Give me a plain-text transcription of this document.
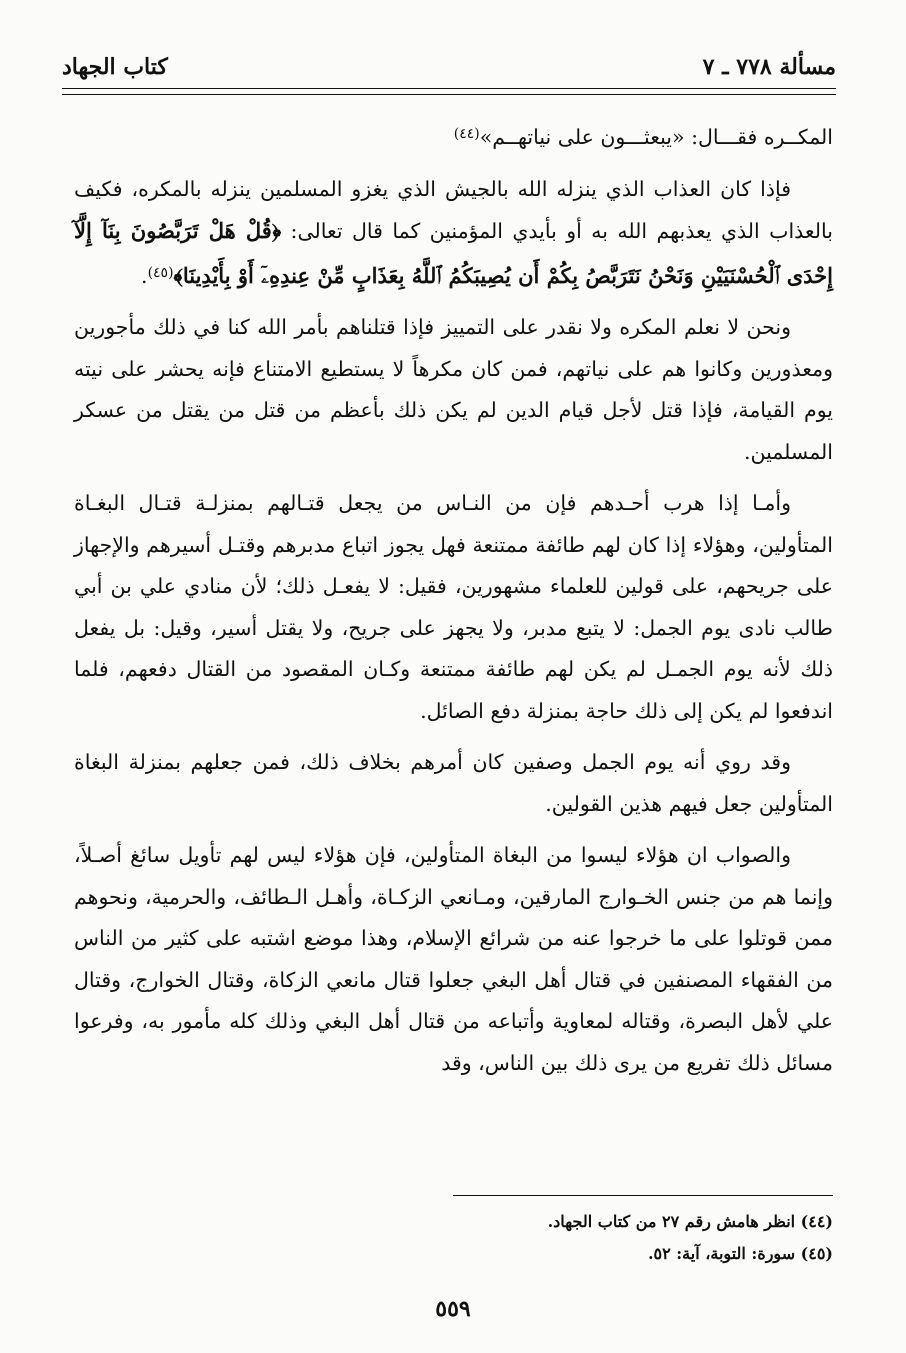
مسألة ٧٧٨ ـ ٧
كتاب الجهاد

المكــره فقـــال: «يبعثـــون على نياتهــم»$^{(٤٤)}$

فإذا كان العذاب الذي ينزله الله بالجيش الذي يغزو المسلمين ينزله بالمكره، فكيف بالعذاب الذي يعذبهم الله به أو بأيدي المؤمنين كما قال تعالى: ﴿قُلْ هَلْ تَرَبَّصُونَ بِنَآ إِلَّآ إِحْدَى ٱلْحُسْنَيَيْنِ وَنَحْنُ نَتَرَبَّصُ بِكُمْ أَن يُصِيبَكُمُ ٱللَّهُ بِعَذَابٍ مِّنْ عِندِهِۦٓ أَوْ بِأَيْدِينَا﴾$^{(٤٥)}$.

ونحن لا نعلم المكره ولا نقدر على التمييز فإذا قتلناهم بأمر الله كنا في ذلك مأجورين ومعذورين وكانوا هم على نياتهم، فمن كان مكرهاً لا يستطيع الامتناع فإنه يحشر على نيته يوم القيامة، فإذا قتل لأجل قيام الدين لم يكن ذلك بأعظم من قتل من يقتل من عسكر المسلمين.

وأمـا إذا هرب أحـدهم فإن من النـاس من يجعل قتـالهم بمنزلـة قتـال البغـاة المتأولين، وهؤلاء إذا كان لهم طائفة ممتنعة فهل يجوز اتباع مدبرهم وقتـل أسيرهم والإجهاز على جريحهم، على قولين للعلماء مشهورين، فقيل: لا يفعـل ذلك؛ لأن منادي علي بن أبي طالب نادى يوم الجمل: لا يتبع مدبر، ولا يجهز على جريح، ولا يقتل أسير، وقيل: بل يفعل ذلك لأنه يوم الجمـل لم يكن لهم طائفة ممتنعة وكـان المقصود من القتال دفعهم، فلما اندفعوا لم يكن إلى ذلك حاجة بمنزلة دفع الصائل.

وقد روي أنه يوم الجمل وصفين كان أمرهم بخلاف ذلك، فمن جعلهم بمنزلة البغاة المتأولين جعل فيهم هذين القولين.

والصواب ان هؤلاء ليسوا من البغاة المتأولين، فإن هؤلاء ليس لهم تأويل سائغ أصـلاً، وإنما هم من جنس الخـوارج المارقين، ومـانعي الزكـاة، وأهـل الـطائف، والحرمية، ونحوهم ممن قوتلوا على ما خرجوا عنه من شرائع الإسلام، وهذا موضع اشتبه على كثير من الناس من الفقهاء المصنفين في قتال أهل البغي جعلوا قتال مانعي الزكاة، وقتال الخوارج، وقتال علي لأهل البصرة، وقتاله لمعاوية وأتباعه من قتال أهل البغي وذلك كله مأمور به، وفرعوا مسائل ذلك تفريع من يرى ذلك بين الناس، وقد

(٤٤) انظر هامش رقم ٢٧ من كتاب الجهاد.
(٤٥) سورة: التوبة، آية: ٥٢.
٥٥٩
